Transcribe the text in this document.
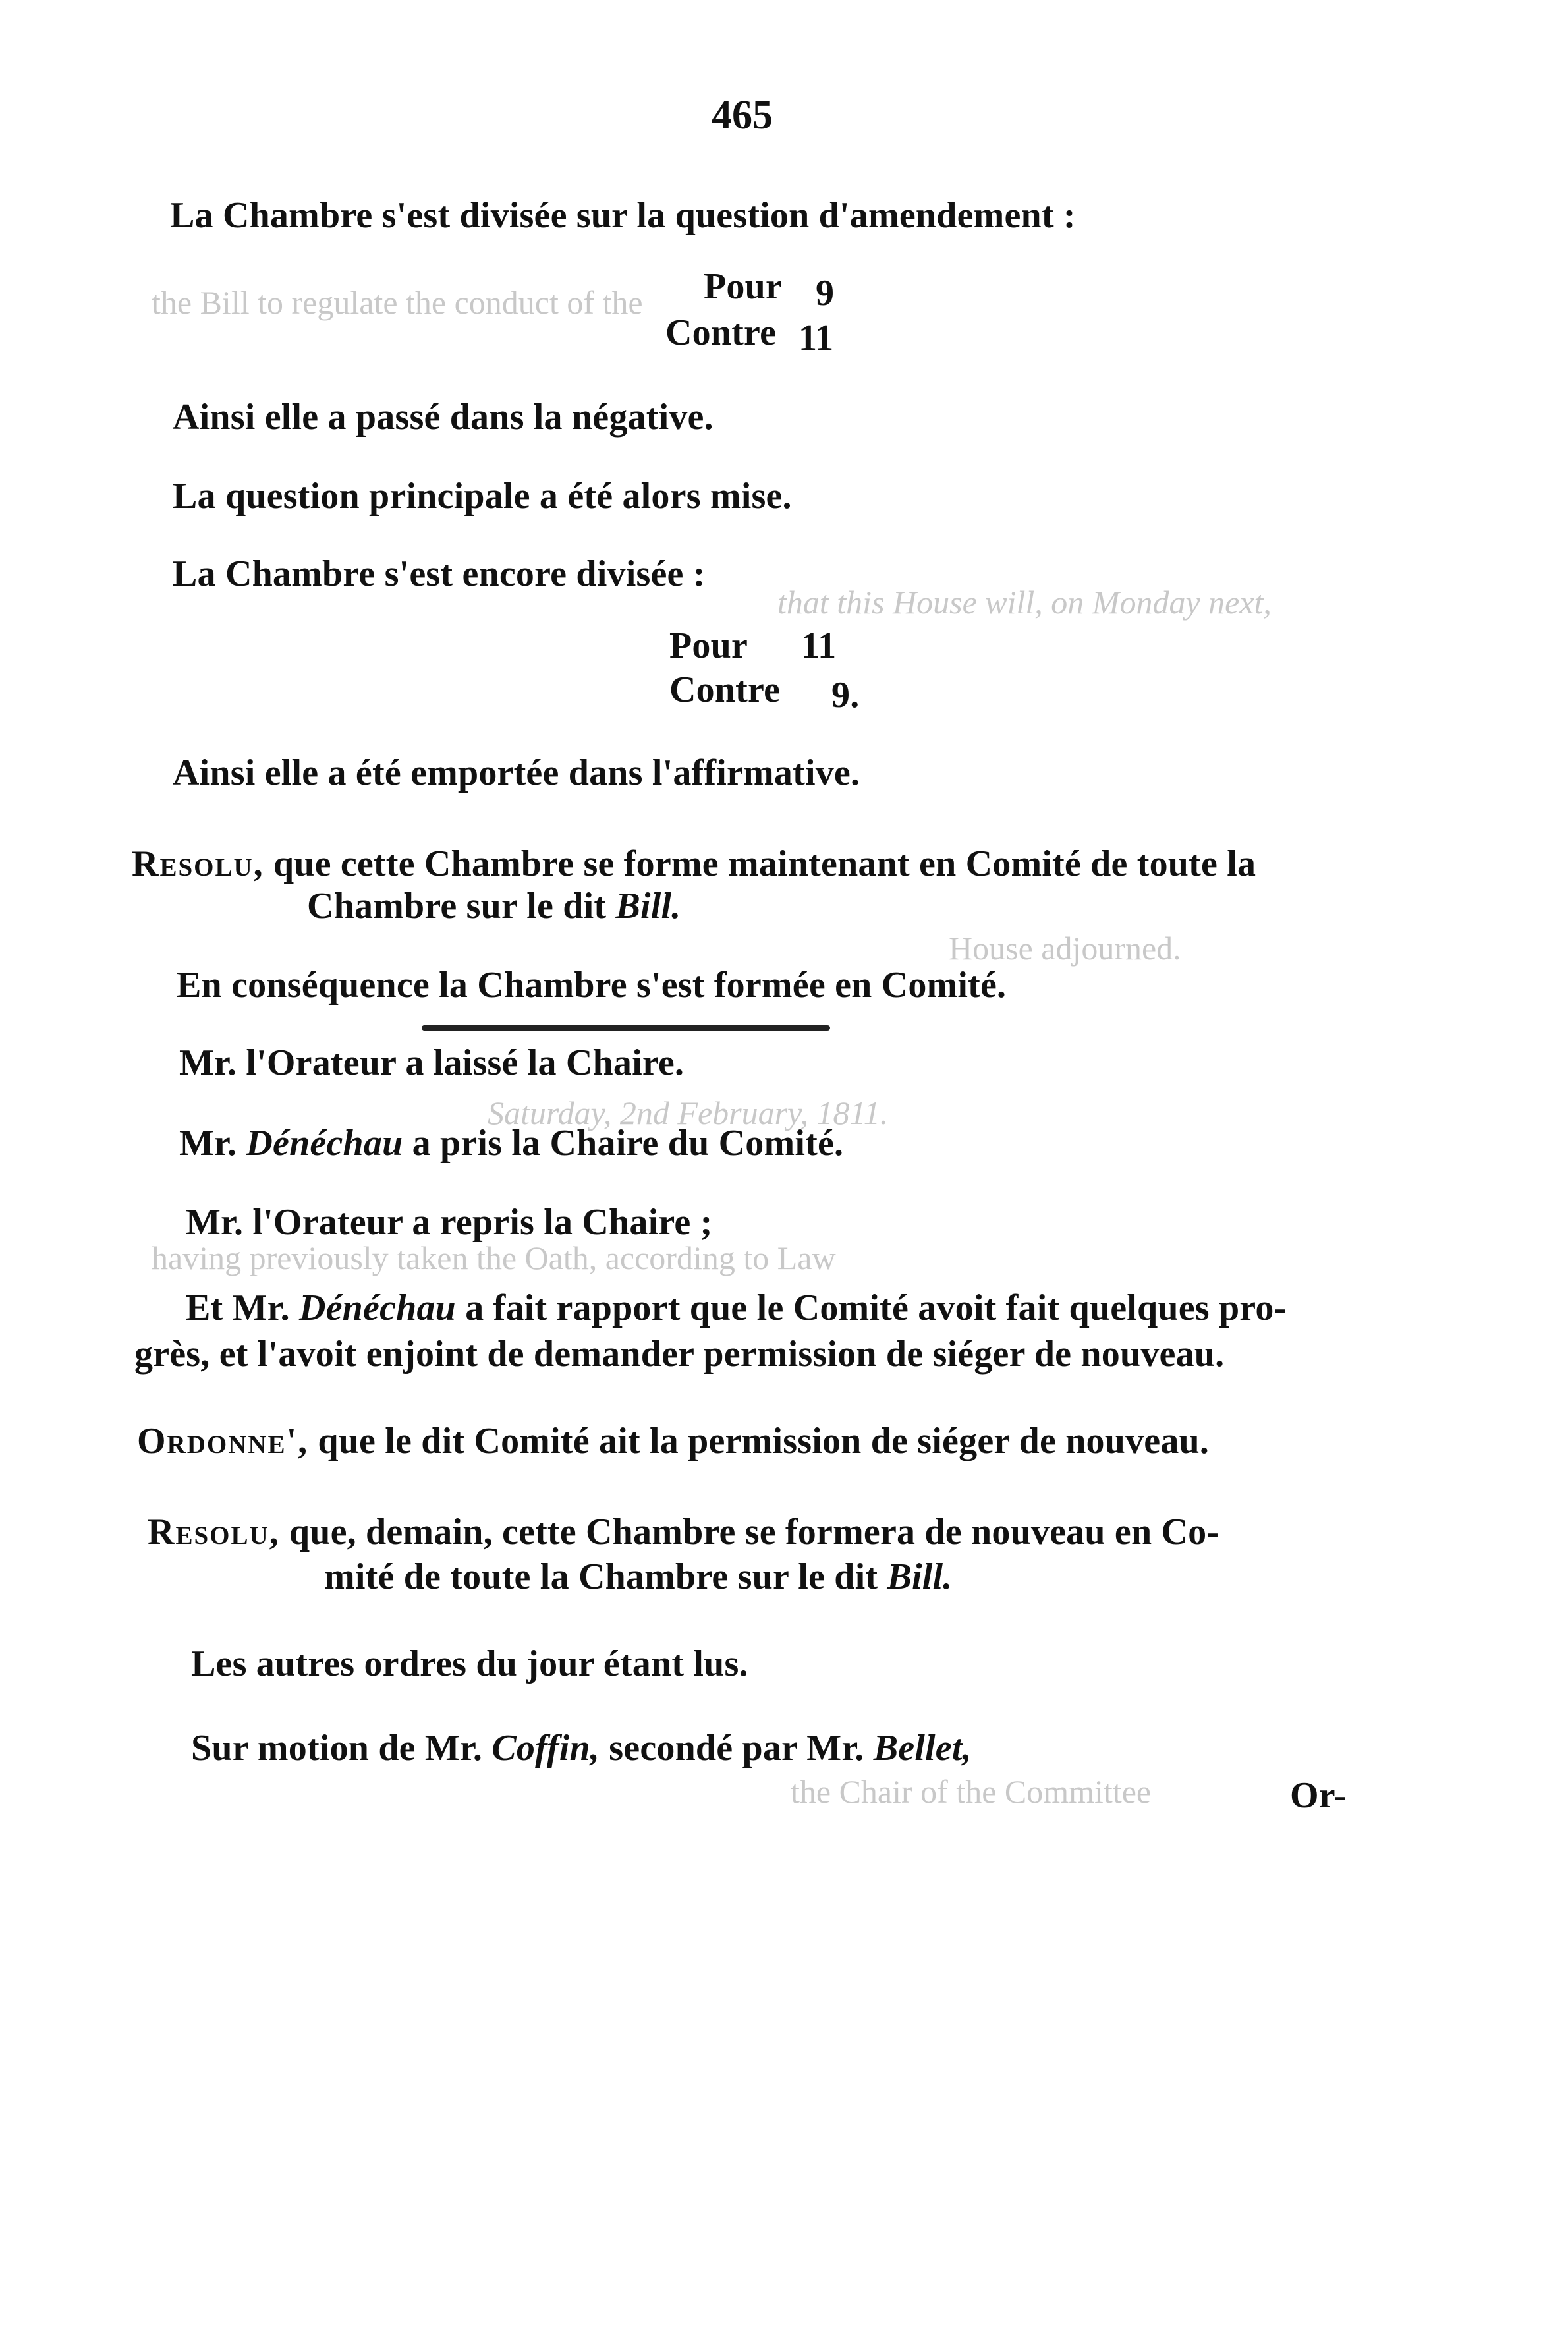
the Bill to regulate the conduct of the
that this House will, on Monday next,
House adjourned.
Saturday, 2nd February, 1811.
having previously taken the Oath, according to Law
the Chair of the Committee
465
La Chambre s'est divisée sur la question d'amendement :
Pour 9
Contre 11
Ainsi elle a passé dans la négative.
La question principale a été alors mise.
La Chambre s'est encore divisée :
Pour 11
Contre 9.
Ainsi elle a été emportée dans l'affirmative.
Resolu, que cette Chambre se forme maintenant en Comité de toute la
Chambre sur le dit Bill.
En conséquence la Chambre s'est formée en Comité.
Mr. l'Orateur a laissé la Chaire.
Mr. Dénéchau a pris la Chaire du Comité.
Mr. l'Orateur a repris la Chaire ;
Et Mr. Dénéchau a fait rapport que le Comité avoit fait quelques pro-
grès, et l'avoit enjoint de demander permission de siéger de nouveau.
Ordonne', que le dit Comité ait la permission de siéger de nouveau.
Resolu, que, demain, cette Chambre se formera de nouveau en Co-
mité de toute la Chambre sur le dit Bill.
Les autres ordres du jour étant lus.
Sur motion de Mr. Coffin, secondé par Mr. Bellet,
Or-
